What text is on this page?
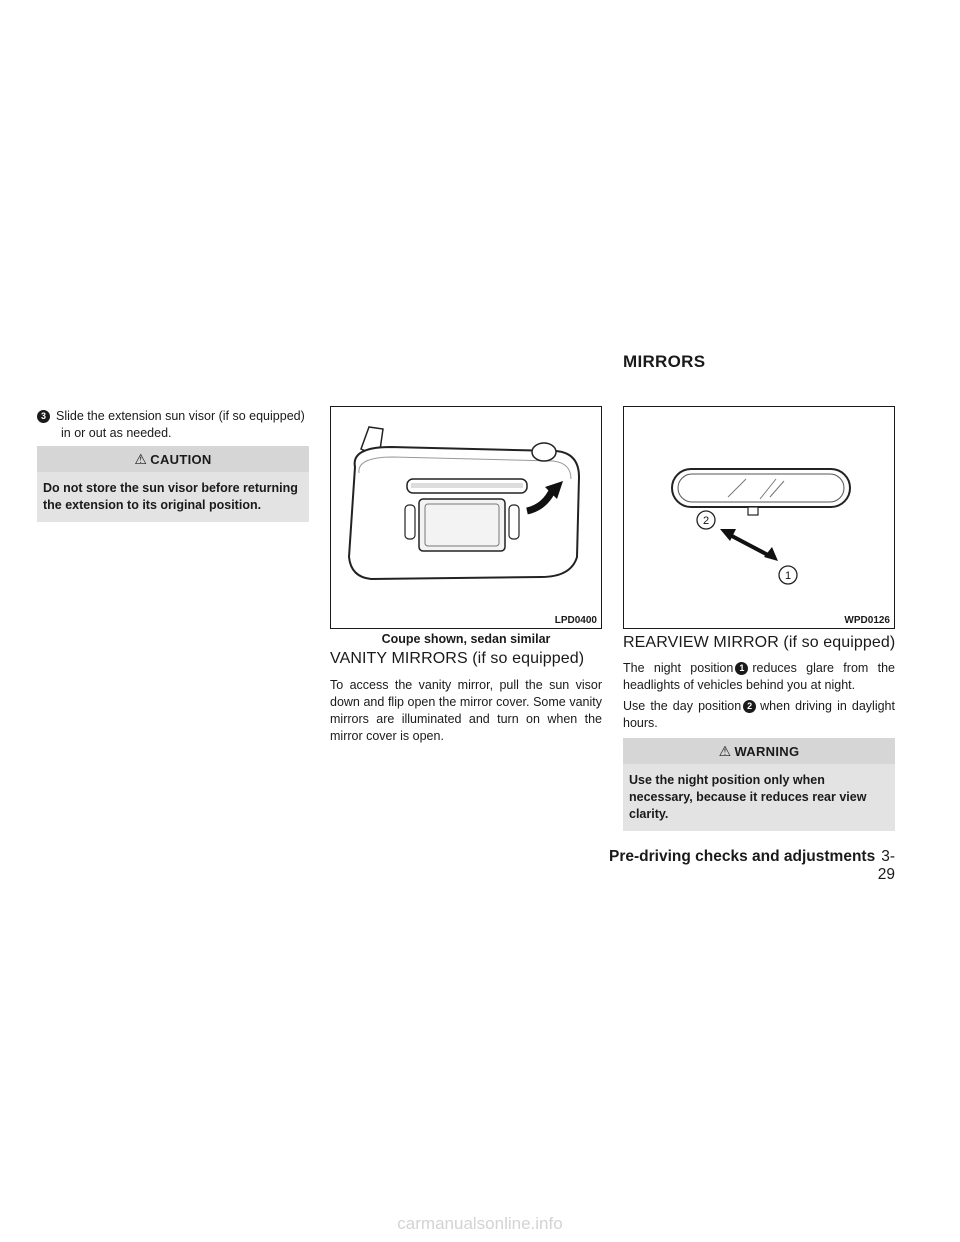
MIRRORS
3 Slide the extension sun visor (if so equipped)
in or out as needed.
⚠ CAUTION
Do not store the sun visor before returning the extension to its original position.
LPD0400
Coupe shown, sedan similar
VANITY MIRRORS (if so equipped)
To access the vanity mirror, pull the sun visor down and flip open the mirror cover. Some vanity mirrors are illuminated and turn on when the mirror cover is open.
2
1
WPD0126
REARVIEW MIRROR (if so equipped)
The night position 1 reduces glare from the headlights of vehicles behind you at night.
Use the day position 2 when driving in daylight hours.
⚠ WARNING
Use the night position only when necessary, because it reduces rear view clarity.
Pre-driving checks and adjustments 3-29
carmanualsonline.info
